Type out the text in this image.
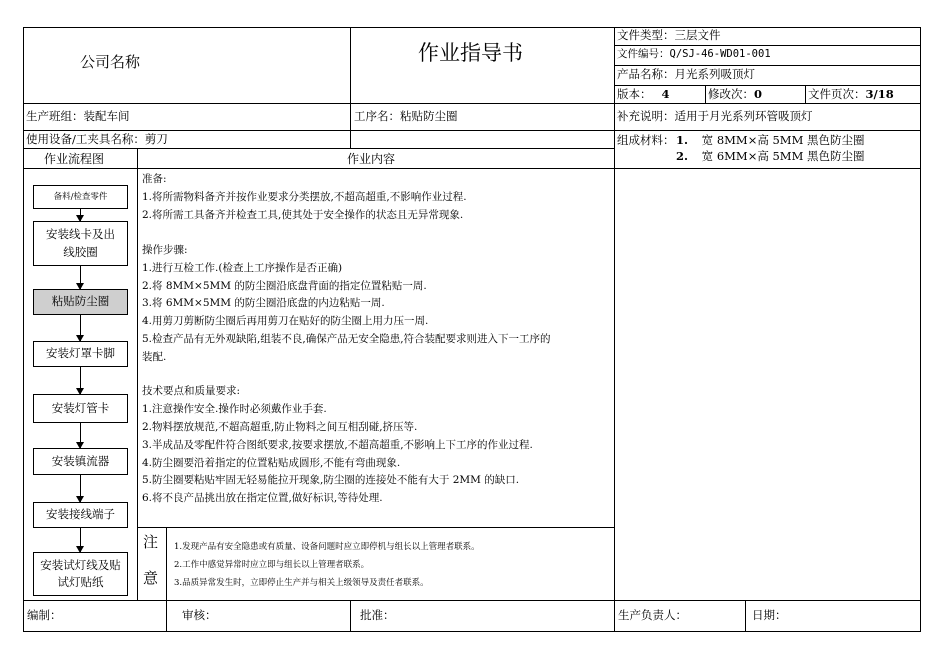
公司名称	作业指导书
文件类型：三层文件
文件编号：Q/SJ-46-WD01-001
产品名称：月光系列吸顶灯
版本： 4	修改次：0	文件页次：3/18
生产班组：装配车间	工序名：粘贴防尘圈	补充说明：适用于月光系列环管吸顶灯
使用设备/工夹具名称：剪刀	组成材料： 1. 宽 8MM×高 5MM 黑色防尘圈
2. 宽 6MM×高 5MM 黑色防尘圈
作业流程图	作业内容
备料/检查零件
安装线卡及出线胶圈
粘贴防尘圈
安装灯罩卡脚
安装灯管卡
安装镇流器
安装接线端子
安装试灯线及贴试灯贴纸
准备:
1.将所需物料备齐并按作业要求分类摆放,不超高超重,不影响作业过程.
2.将所需工具备齐并检查工具,使其处于安全操作的状态且无异常现象.
操作步骤:
1.进行互检工作.(检查上工序操作是否正确)
2.将 8MM×5MM 的防尘圈沿底盘背面的指定位置粘贴一周.
3.将 6MM×5MM 的防尘圈沿底盘的内边粘贴一周.
4.用剪刀剪断防尘圈后再用剪刀在贴好的防尘圈上用力压一周.
5.检查产品有无外观缺陷,组装不良,确保产品无安全隐患,符合装配要求则进入下一工序的
装配.
技术要点和质量要求:
1.注意操作安全.操作时必须戴作业手套.
2.物料摆放规范,不超高超重,防止物料之间互相刮碰,挤压等.
3.半成品及零配件符合图纸要求,按要求摆放,不超高超重,不影响上下工序的作业过程.
4.防尘圈要沿着指定的位置粘贴成圆形,不能有弯曲现象.
5.防尘圈要粘贴牢固无轻易能拉开现象,防尘圈的连接处不能有大于 2MM 的缺口.
6.将不良产品挑出放在指定位置,做好标识,等待处理.
注
意
1.发现产品有安全隐患或有质量、设备问题时应立即停机与组长以上管理者联系。
2.工作中感觉异常时应立即与组长以上管理者联系。
3.品质异常发生时，立即停止生产并与相关上级领导及责任者联系。
编制：	审核：	批准：	生产负责人：	日期：
